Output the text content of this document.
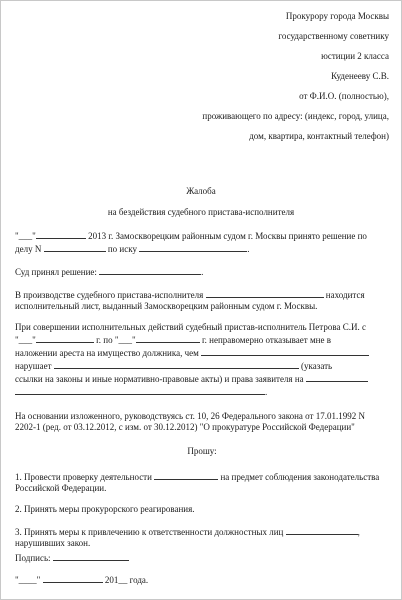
Прокурору города Москвы
государственному советнику
юстиции 2 класса
Куденееву С.В.
от Ф.И.О. (полностью),
проживающего по адресу: (индекс, город, улица,
дом, квартира, контактный телефон)
Жалоба
на бездействия судебного пристава-исполнителя

"___"	2013 г. Замоскворецким районным судом г. Москвы принято решение по
делу N	по иску	.

Суд принял решение:	.

В производстве судебного пристава-исполнителя	находится
исполнительный лист, выданный Замоскворецким районным судом г. Москвы.

При совершении исполнительных действий судебный пристав-исполнитель Петрова С.И. с
"___"	г. по "___"	г. неправомерно отказывает мне в
наложении ареста на имущество должника, чем
нарушает	(указать
ссылки на законы и иные нормативно-правовые акты) и права заявителя на
.

На основании изложенного, руководствуясь ст. 10, 26 Федерального закона от 17.01.1992 N
2202-1 (ред. от 03.12.2012, с изм. от 30.12.2012) "О прокуратуре Российской Федерации"

Прошу:

1. Провести проверку деятельности	на предмет соблюдения законодательства
Российской Федерации.

2. Принять меры прокурорского реагирования.

3. Принять меры к привлечению к ответственности должностных лиц	,
нарушивших закон.

Подпись:
"____"	201__ года.
